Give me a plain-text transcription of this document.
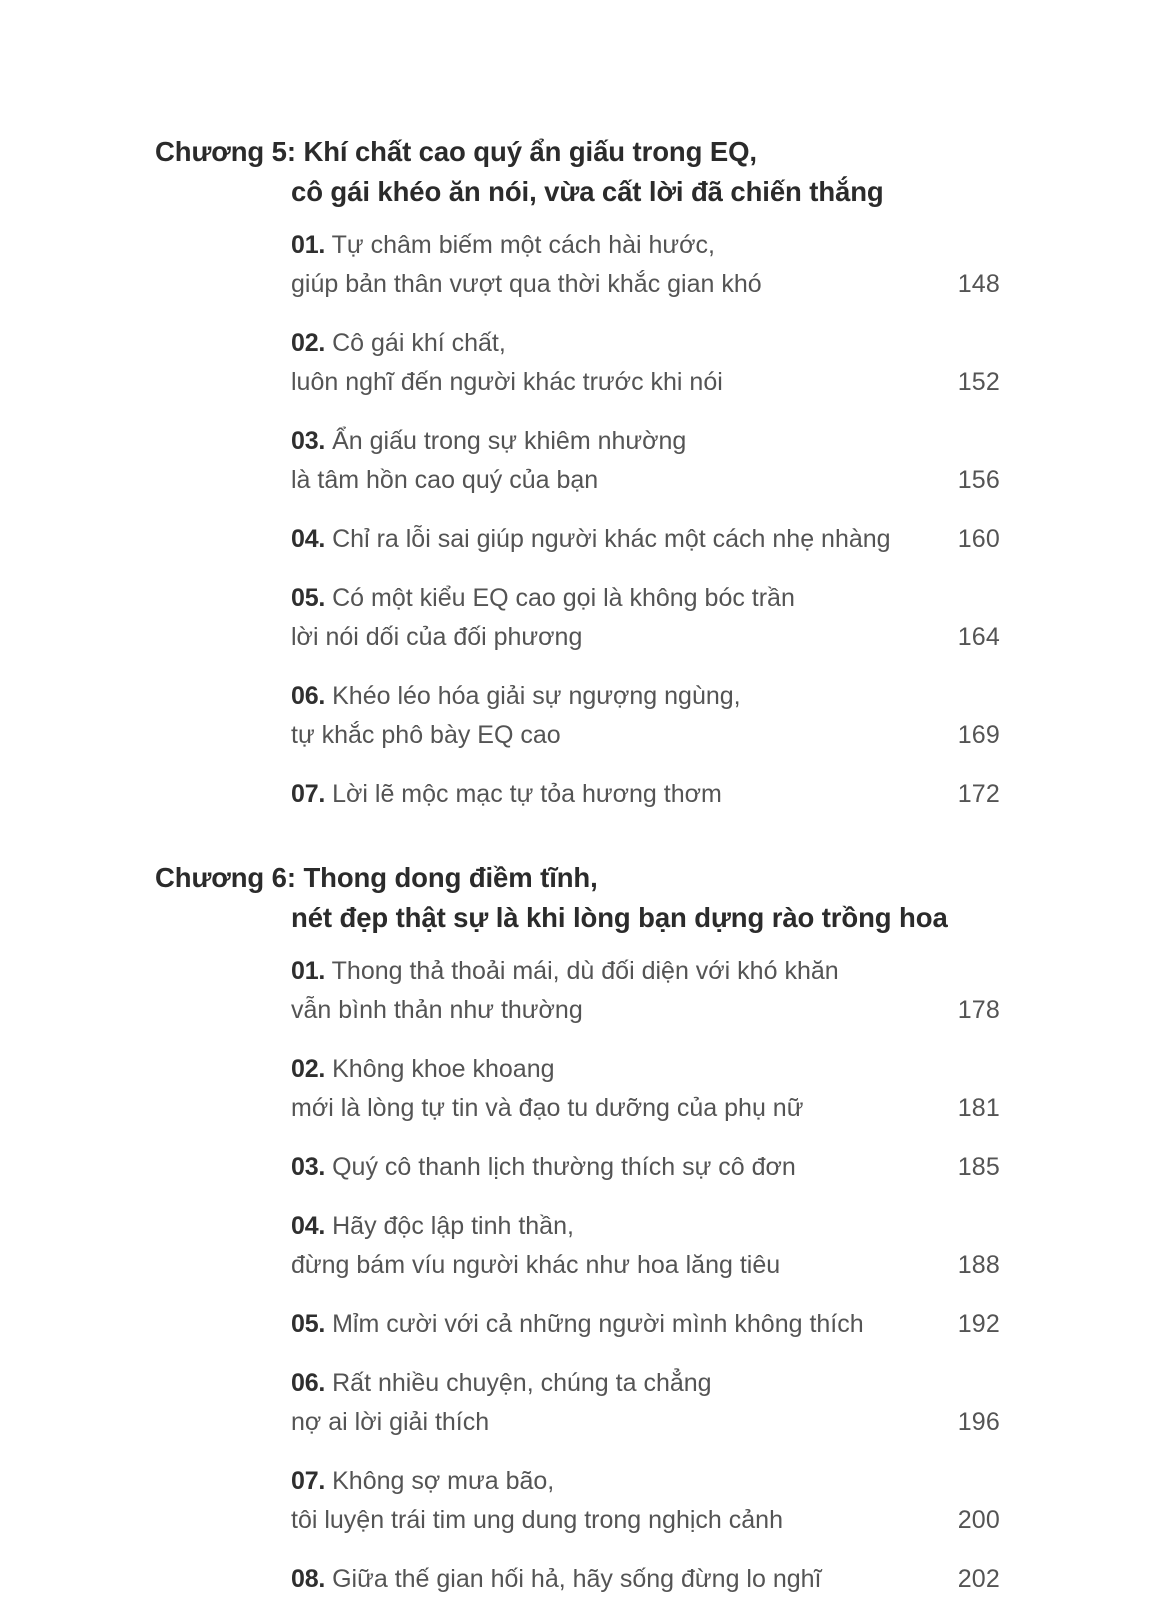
Chương 5: Khí chất cao quý ẩn giấu trong EQ,
cô gái khéo ăn nói, vừa cất lời đã chiến thắng
01. Tự châm biếm một cách hài hước,
giúp bản thân vượt qua thời khắc gian khó	148
02. Cô gái khí chất,
luôn nghĩ đến người khác trước khi nói	152
03. Ẩn giấu trong sự khiêm nhường
là tâm hồn cao quý của bạn	156
04. Chỉ ra lỗi sai giúp người khác một cách nhẹ nhàng	160
05. Có một kiểu EQ cao gọi là không bóc trần
lời nói dối của đối phương	164
06. Khéo léo hóa giải sự ngượng ngùng,
tự khắc phô bày EQ cao	169
07. Lời lẽ mộc mạc tự tỏa hương thơm	172
Chương 6: Thong dong điềm tĩnh,
nét đẹp thật sự là khi lòng bạn dựng rào trồng hoa
01. Thong thả thoải mái, dù đối diện với khó khăn
vẫn bình thản như thường	178
02. Không khoe khoang
mới là lòng tự tin và đạo tu dưỡng của phụ nữ	181
03. Quý cô thanh lịch thường thích sự cô đơn	185
04. Hãy độc lập tinh thần,
đừng bám víu người khác như hoa lăng tiêu	188
05. Mỉm cười với cả những người mình không thích	192
06. Rất nhiều chuyện, chúng ta chẳng
nợ ai lời giải thích	196
07. Không sợ mưa bão,
tôi luyện trái tim ung dung trong nghịch cảnh	200
08. Giữa thế gian hối hả, hãy sống đừng lo nghĩ	202
